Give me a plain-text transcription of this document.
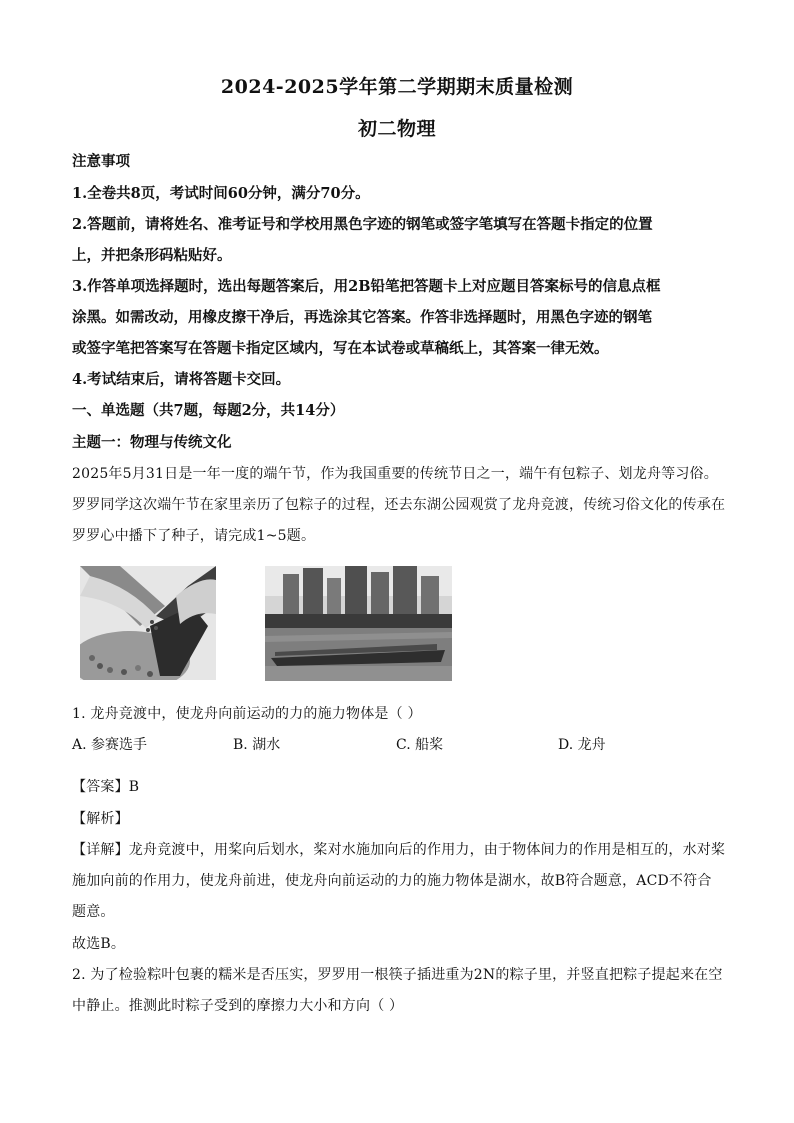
2024-2025学年第二学期期末质量检测
初二物理
注意事项
1.全卷共8页，考试时间60分钟，满分70分。
2.答题前，请将姓名、准考证号和学校用黑色字迹的钢笔或签字笔填写在答题卡指定的位置
上，并把条形码粘贴好。
3.作答单项选择题时，选出每题答案后，用2B铅笔把答题卡上对应题目答案标号的信息点框
涂黑。如需改动，用橡皮擦干净后，再选涂其它答案。作答非选择题时，用黑色字迹的钢笔
或签字笔把答案写在答题卡指定区域内，写在本试卷或草稿纸上，其答案一律无效。
4.考试结束后，请将答题卡交回。
一、单选题（共7题，每题2分，共14分）
主题一：物理与传统文化
2025年5月31日是一年一度的端午节，作为我国重要的传统节日之一，端午有包粽子、划龙舟等习俗。
罗罗同学这次端午节在家里亲历了包粽子的过程，还去东湖公园观赏了龙舟竞渡，传统习俗文化的传承在
罗罗心中播下了种子，请完成1~5题。
1. 龙舟竞渡中，使龙舟向前运动的力的施力物体是（ ）
A. 参赛选手	B. 湖水	C. 船桨	D. 龙舟
【答案】B
【解析】
【详解】龙舟竞渡中，用桨向后划水，桨对水施加向后的作用力，由于物体间力的作用是相互的，水对桨
施加向前的作用力，使龙舟前进，使龙舟向前运动的力的施力物体是湖水，故B符合题意，ACD不符合
题意。
故选B。
2. 为了检验粽叶包裹的糯米是否压实，罗罗用一根筷子插进重为2N的粽子里，并竖直把粽子提起来在空
中静止。推测此时粽子受到的摩擦力大小和方向（ ）
